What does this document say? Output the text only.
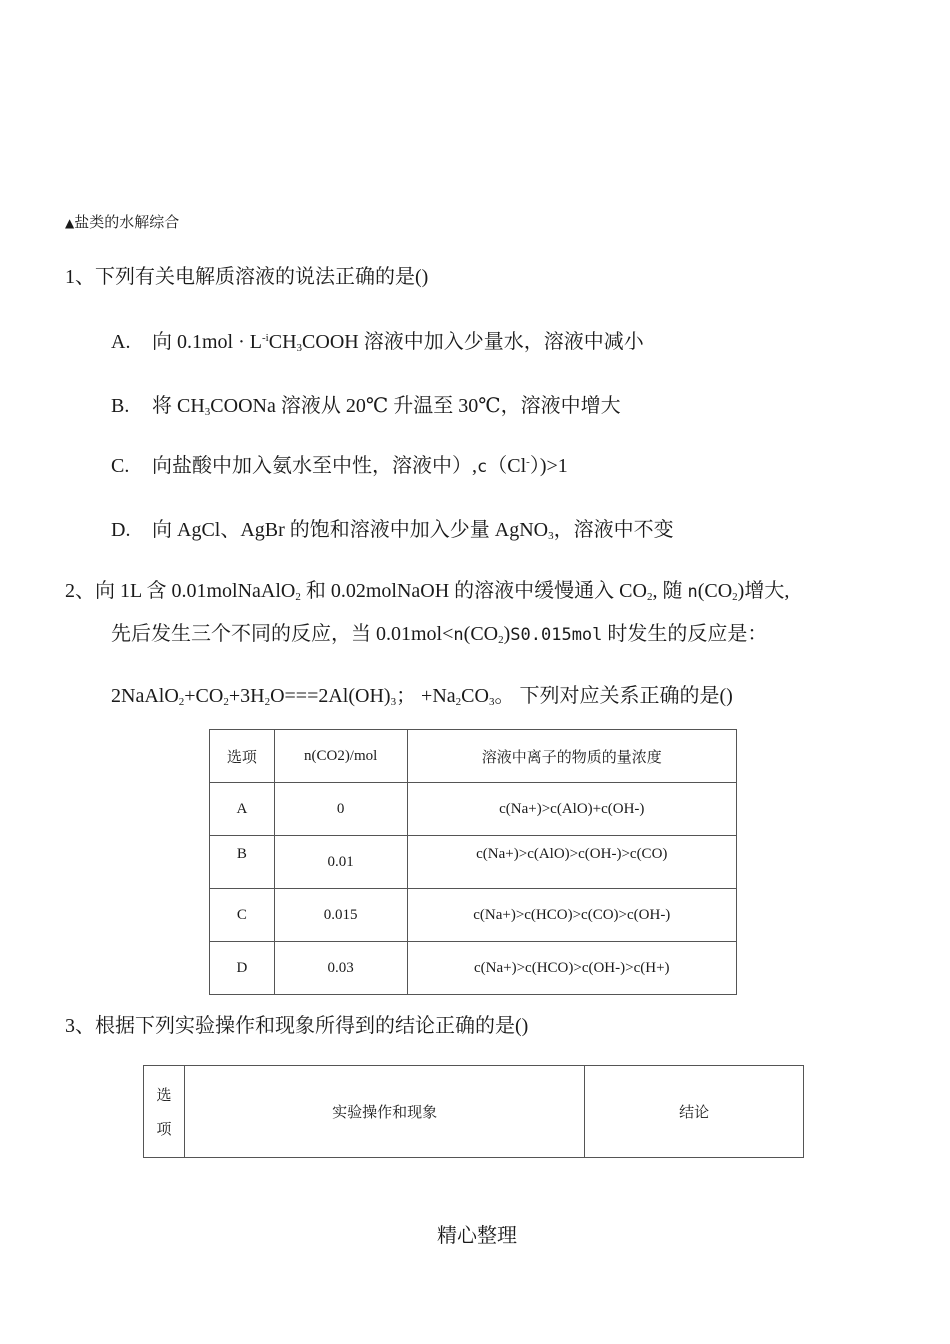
▲盐类的水解综合
1、下列有关电解质溶液的说法正确的是()
A. 向 $0.1mol \cdot L^{-i}CH_3COOH$ 溶液中加入少量水，溶液中减小
B. 将 $CH_3COONa$ 溶液从 20℃ 升温至 30℃，溶液中增大
C. 向盐酸中加入氨水至中性，溶液中）,c（Cl-）)>1
D. 向 AgCl、AgBr 的饱和溶液中加入少量 AgNO$_3$，溶液中不变
2、向 1L 含 0.01molNaAlO$_2$ 和 0.02molNaOH 的溶液中缓慢通入 $CO_2$, 随 $n(CO_2)$增大,
先后发生三个不同的反应，当 $0.01mol<n(CO_2)S0.015mol$ 时发生的反应是：
$2NaAlO_2+CO_2+3H_2O===2Al(OH)_3$； $+Na_2CO_3$。 下列对应关系正确的是()
选项	n(CO2)/mol	溶液中离子的物质的量浓度
A	0	c(Na+)>c(AlO)+c(OH-)

B	0.01	c(Na+)>c(AlO)>c(OH-)>c(CO)

C	0.015	c(Na+)>c(HCO)>c(CO)>c(OH-)
D	0.03	c(Na+)>c(HCO)>c(OH-)>c(H+)
3、根据下列实验操作和现象所得到的结论正确的是()
选
项
	实验操作和现象	结论
精心整理
